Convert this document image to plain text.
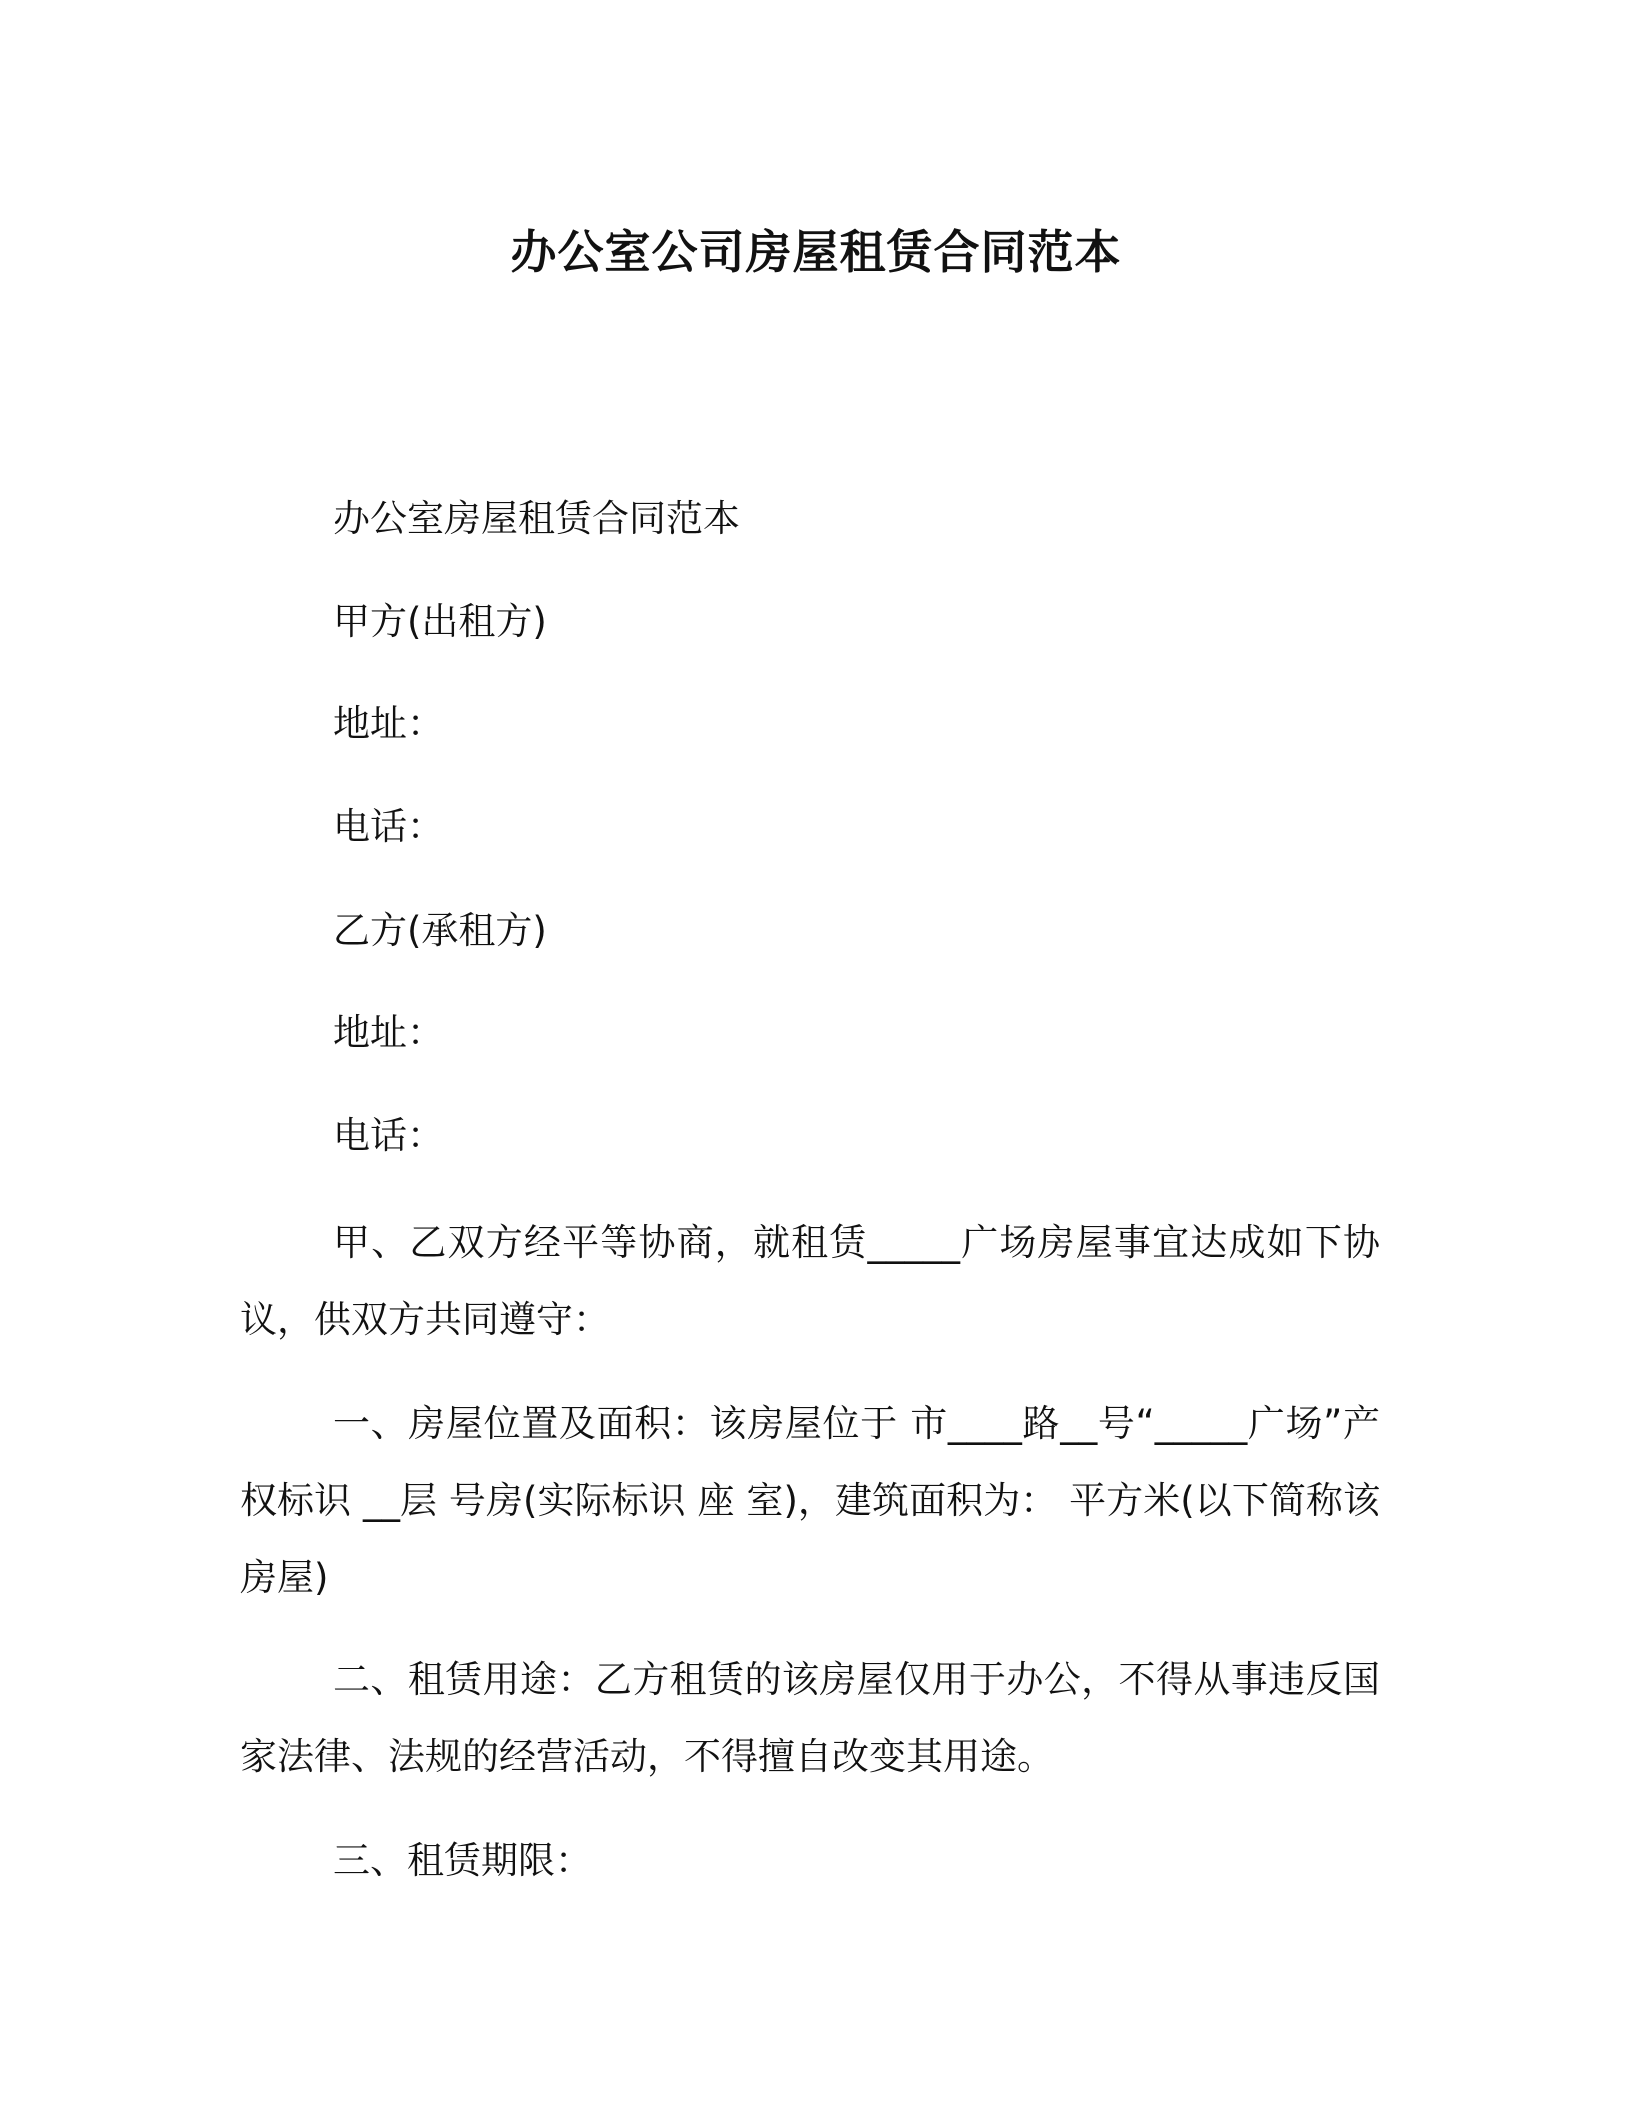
办公室公司房屋租赁合同范本

办公室房屋租赁合同范本

甲方(出租方)

地址：

电话：

乙方(承租方)

地址：

电话：

甲、乙双方经平等协商，就租赁_____广场房屋事宜达成如下协议，供双方共同遵守：

一、房屋位置及面积：该房屋位于 市____路__号“_____广场”产权标识 __层 号房(实际标识 座 室)，建筑面积为： 平方米(以下简称该房屋)

二、租赁用途：乙方租赁的该房屋仅用于办公，不得从事违反国家法律、法规的经营活动，不得擅自改变其用途。

三、租赁期限：
